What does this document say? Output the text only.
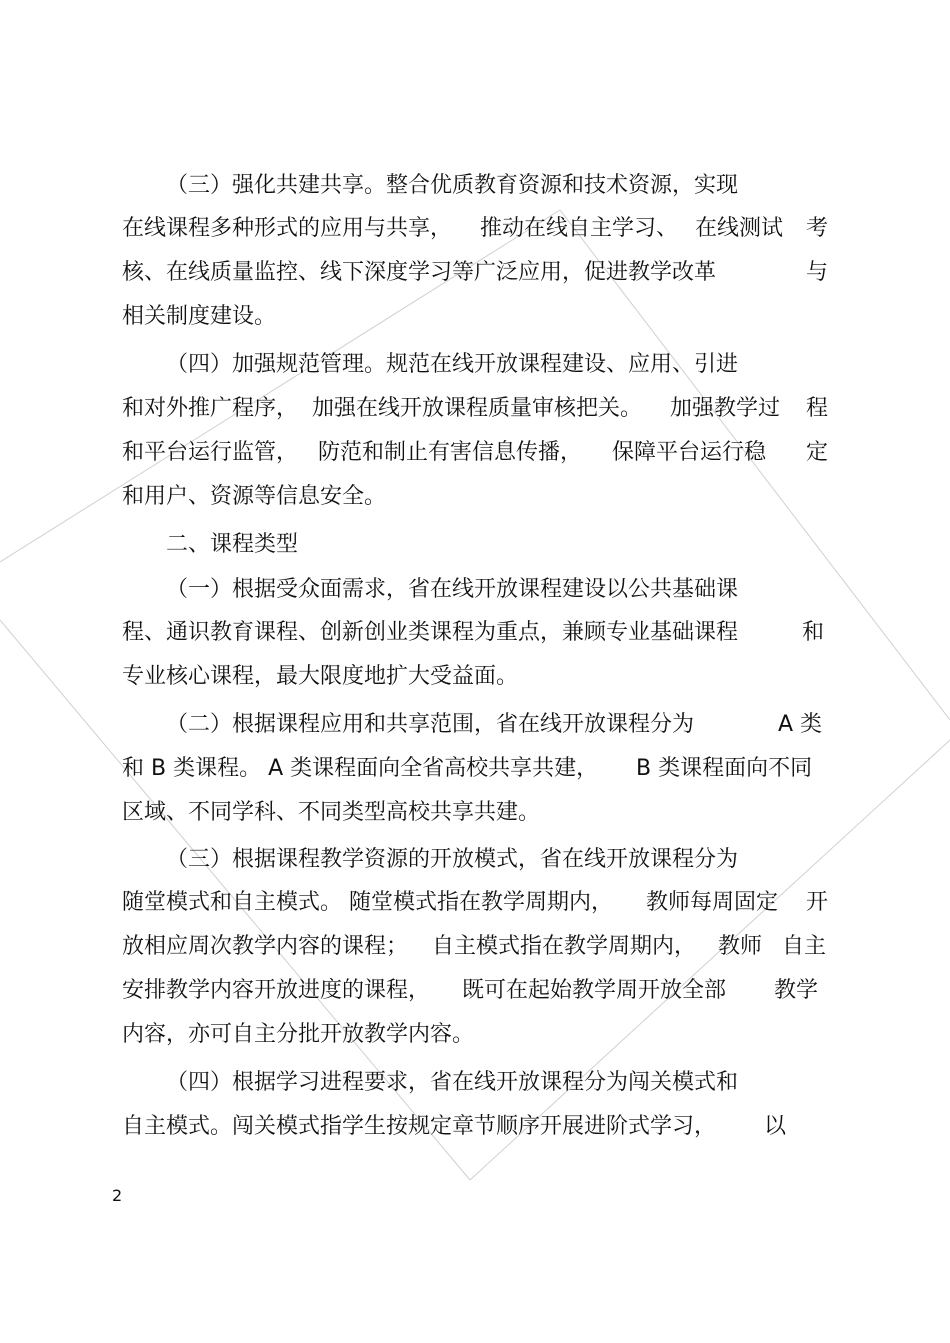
（三）强化共建共享。整合优质教育资源和技术资源，实现

在线课程多种形式的应用与共享，

推动在线自主学习、

在线测试

考

核、在线质量监控、线下深度学习等广泛应用，促进教学改革

	与

相关制度建设。

（四）加强规范管理。规范在线开放课程建设、应用、引进

和对外推广程序，

加强在线开放课程质量审核把关。

加强教学过

程

和平台运行监管，

防范和制止有害信息传播，

保障平台运行稳

定

和用户、资源等信息安全。

二、课程类型

（一）根据受众面需求，省在线开放课程建设以公共基础课

程、通识教育课程、创新创业类课程为重点，兼顾专业基础课程

	和

专业核心课程，最大限度地扩大受益面。

（二）根据课程应用和共享范围，省在线开放课程分为

	A 类

和 B 类课程。 A 类课程面向全省高校共享共建，

B 类课程面向不同

区域、不同学科、不同类型高校共享共建。

（三）根据课程教学资源的开放模式，省在线开放课程分为

随堂模式和自主模式。 随堂模式指在教学周期内，

教师每周固定

开

放相应周次教学内容的课程；

自主模式指在教学周期内，

教师

自主

安排教学内容开放进度的课程，

既可在起始教学周开放全部

教学

内容，亦可自主分批开放教学内容。

（四）根据学习进程要求，省在线开放课程分为闯关模式和

自主模式。闯关模式指学生按规定章节顺序开展进阶式学习，

以

2
